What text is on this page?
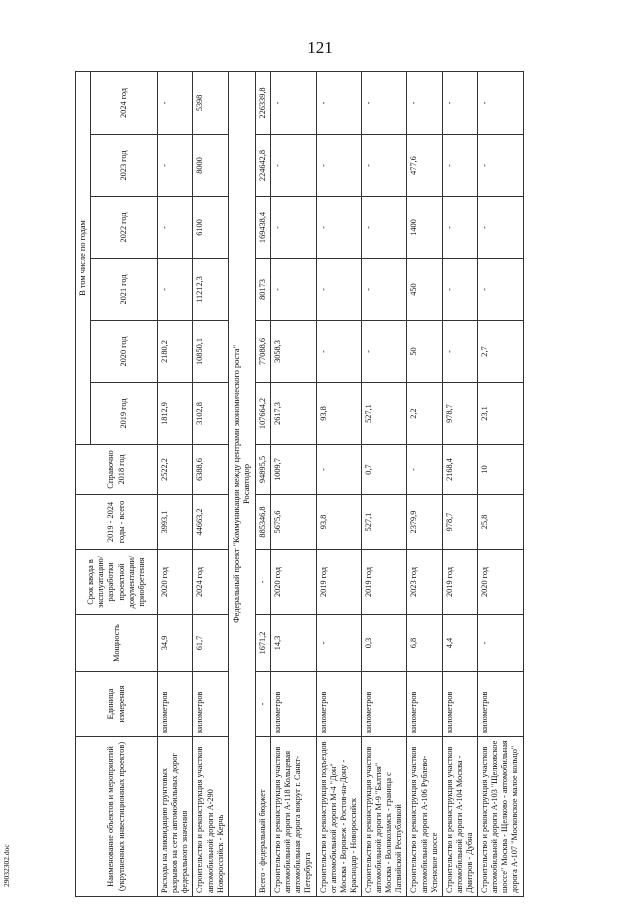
121
Наименование объектов и мероприятий (укрупненных инвестиционных проектов)	Единица измерения	Мощность	Срок ввода в эксплуатацию/ разработки проектной документации/ приобретения	2019 - 2024 годы - всего	Справочно 2018 год	В том числе по годам					
						2019 год	2020 год	2021 год	2022 год	2023 год	2024 год
Расходы на ликвидацию грунтовых разрывов на сети автомобильных дорог федерального значения	километров	34,9	2020 год	3993,1	2522,2	1812,9	2180,2	-	-	-	-
Строительство и реконструкция участков автомобильной дороги А-290 Новороссийск - Керчь	километров	61,7	2024 год	44663,2	6388,6	3102,8	10850,1	11212,3	6100	8000	5398

Федеральный проект "Коммуникации между центрами экономического роста" Росавтодор											

Всего - федеральный бюджет	-	1671,2	-	885346,8	94895,5	107664,2	77088,6	80173	169438,4	224642,8	226339,8
Строительство и реконструкция участков автомобильной дороги А-118 Кольцевая автомобильная дорога вокруг г. Санкт-Петербурга	километров	14,3	2020 год	5675,6	1009,7	2617,3	3058,3	-	-	-	-
Строительство и реконструкция подъездов от автомобильной дороги М-4 "Дон" Москва - Воронеж - Ростов-на-Дону - Краснодар - Новороссийск	километров	-	2019 год	93,8	-	93,8	-	-	-	-	-
Строительство и реконструкция участков автомобильной дороги М-9 "Балтия" Москва - Волоколамск - граница с Латвийской Республикой	километров	0,3	2019 год	527,1	0,7	527,1	-	-	-	-	-
Строительство и реконструкция участков автомобильной дороги А-106 Рублево-Успенское шоссе	километров	6,8	2023 год	2379,9	-	2,2	50	450	1400	477,6	-
Строительство и реконструкция участков автомобильной дороги А-104 Москва - Дмитров - Дубна	километров	4,4	2019 год	978,7	2168,4	978,7	-	-	-	-	-
Строительство и реконструкция участков автомобильной дороги А-103 "Щелковское шоссе" Москва - Щелково - автомобильная дорога А-107 "Московское малое кольцо"	километров	-	2020 год	25,8	10	23,1	2,7	-	-	-	-
29032302.doc
